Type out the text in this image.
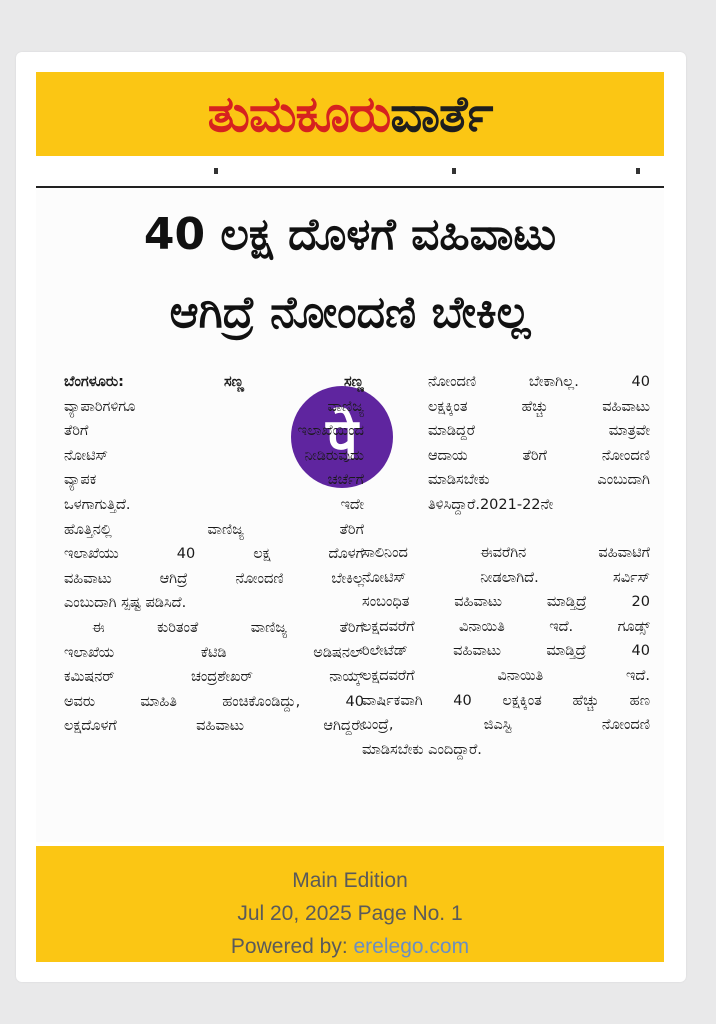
ತುಮಕೂರುವಾರ್ತೆ
40 ಲಕ್ಷ ದೊಳಗೆ ವಹಿವಾಟು
ಆಗಿದ್ರೆ ನೋಂದಣಿ ಬೇಕಿಲ್ಲ
पे
ಬೆಂಗಳೂರು: ಸಣ್ಣ ಸಣ್ಣ
ವ್ಯಾಪಾರಿಗಳಿಗೂ ವಾಣಿಜ್ಯ
ತೆರಿಗೆ ಇಲಾಖೆಯಿಂದ
ನೋಟಿಸ್ ನೀಡಿರುವುದು
ವ್ಯಾಪಕ ಚರ್ಚೆಗೆ
ಒಳಗಾಗುತ್ತಿದೆ. ಇದೇ
ಹೊತ್ತಿನಲ್ಲಿ ವಾಣಿಜ್ಯ ತೆರಿಗೆ
ಇಲಾಖೆಯು 40 ಲಕ್ಷ ದೊಳಗೆ
ವಹಿವಾಟು ಆಗಿದ್ರೆ ನೋಂದಣಿ ಬೇಕಿಲ್ಲ
ಎಂಬುದಾಗಿ ಸ್ಪಷ್ಟ ಪಡಿಸಿದೆ.
ಈ ಕುರಿತಂತೆ ವಾಣಿಜ್ಯ ತೆರಿಗೆ
ಇಲಾಖೆಯ ಕೆಟಿಡಿ ಅಡಿಷನಲ್
ಕಮಿಷನರ್ ಚಂದ್ರಶೇಖರ್ ನಾಯ್ಕ್
ಅವರು ಮಾಹಿತಿ ಹಂಚಿಕೊಂಡಿದ್ದು, 40
ಲಕ್ಷದೊಳಗೆ ವಹಿವಾಟು ಆಗಿದ್ದರೇ
ನೋಂದಣಿ ಬೇಕಾಗಿಲ್ಲ. 40
ಲಕ್ಷಕ್ಕಿಂತ ಹೆಚ್ಚು ವಹಿವಾಟು
ಮಾಡಿದ್ದರೆ ಮಾತ್ರವೇ
ಆದಾಯ ತೆರಿಗೆ ನೋಂದಣಿ
ಮಾಡಿಸಬೇಕು ಎಂಬುದಾಗಿ
ತಿಳಿಸಿದ್ದಾರೆ.2021-22ನೇ
ಸಾಲಿನಿಂದ ಈವರೆಗಿನ ವಹಿವಾಟಿಗೆ
ನೋಟಿಸ್ ನೀಡಲಾಗಿದೆ. ಸರ್ವಿಸ್
ಸಂಬಂಧಿತ ವಹಿವಾಟು ಮಾಡ್ತಿದ್ರೆ 20
ಲಕ್ಷದವರೆಗೆ ವಿನಾಯಿತಿ ಇದೆ. ಗೂಡ್ಸ್
ರಿಲೇಟೆಡ್ ವಹಿವಾಟು ಮಾಡ್ತಿದ್ರೆ 40
ಲಕ್ಷದವರೆಗೆ ವಿನಾಯಿತಿ ಇದೆ.
ವಾರ್ಷಿಕವಾಗಿ 40 ಲಕ್ಷಕ್ಕಿಂತ ಹೆಚ್ಚು ಹಣ
ಬಂದ್ರೆ, ಜಿಎಸ್ಟಿ ನೋಂದಣಿ
ಮಾಡಿಸಬೇಕು ಎಂದಿದ್ದಾರೆ.
Main Edition
Jul 20, 2025 Page No. 1
Powered by: erelego.com
